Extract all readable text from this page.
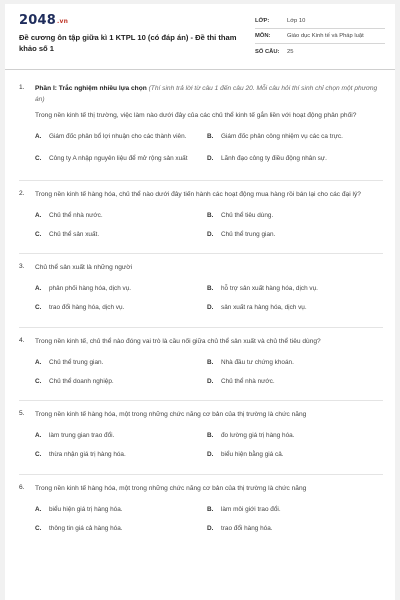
2048.vn
Đề cương ôn tập giữa kì 1 KTPL 10 (có đáp án) - Đề thi tham khảo số 1
LỚP:	Lớp 10
MÔN:	Giáo dục Kinh tế và Pháp luật
SỐ CÂU:	25
1. Phần I: Trắc nghiệm nhiều lựa chọn (Thí sinh trả lời từ câu 1 đến câu 20. Mỗi câu hỏi thí sinh chỉ chọn một phương án)
Trong nền kinh tế thị trường, việc làm nào dưới đây của các chủ thể kinh tế gắn liền với hoạt động phân phối?
A.	Giám đốc phân bổ lợi nhuận cho các thành viên.	B.	Giám đốc phân công nhiệm vụ các ca trực.
C.	Công ty A nhập nguyên liệu để mở rộng sản xuất	D.	Lãnh đạo công ty điều động nhân sự.
2. Trong nền kinh tế hàng hóa, chủ thể nào dưới đây tiến hành các hoạt động mua hàng rồi bán lại cho các đại lý?
A.	Chủ thể nhà nước.	B.	Chủ thể tiêu dùng.
C.	Chủ thể sản xuất.	D.	Chủ thể trung gian.
3. Chủ thể sản xuất là những người
A.	phân phối hàng hóa, dịch vụ.	B.	hỗ trợ sản xuất hàng hóa, dịch vụ.
C.	trao đổi hàng hóa, dịch vụ.	D.	sản xuất ra hàng hóa, dịch vụ.
4. Trong nền kinh tế, chủ thể nào đóng vai trò là cầu nối giữa chủ thể sản xuất và chủ thể tiêu dùng?
A.	Chủ thể trung gian.	B.	Nhà đầu tư chứng khoán.
C.	Chủ thể doanh nghiệp.	D.	Chủ thể nhà nước.
5. Trong nền kinh tế hàng hóa, một trong những chức năng cơ bản của thị trường là chức năng
A.	làm trung gian trao đổi.	B.	đo lường giá trị hàng hóa.
C.	thừa nhận giá trị hàng hóa.	D.	biểu hiện bằng giá cả.
6. Trong nền kinh tế hàng hóa, một trong những chức năng cơ bản của thị trường là chức năng
A.	biểu hiện giá trị hàng hóa.	B.	làm môi giới trao đổi.
C.	thông tin giá cả hàng hóa.	D.	trao đổi hàng hóa.
